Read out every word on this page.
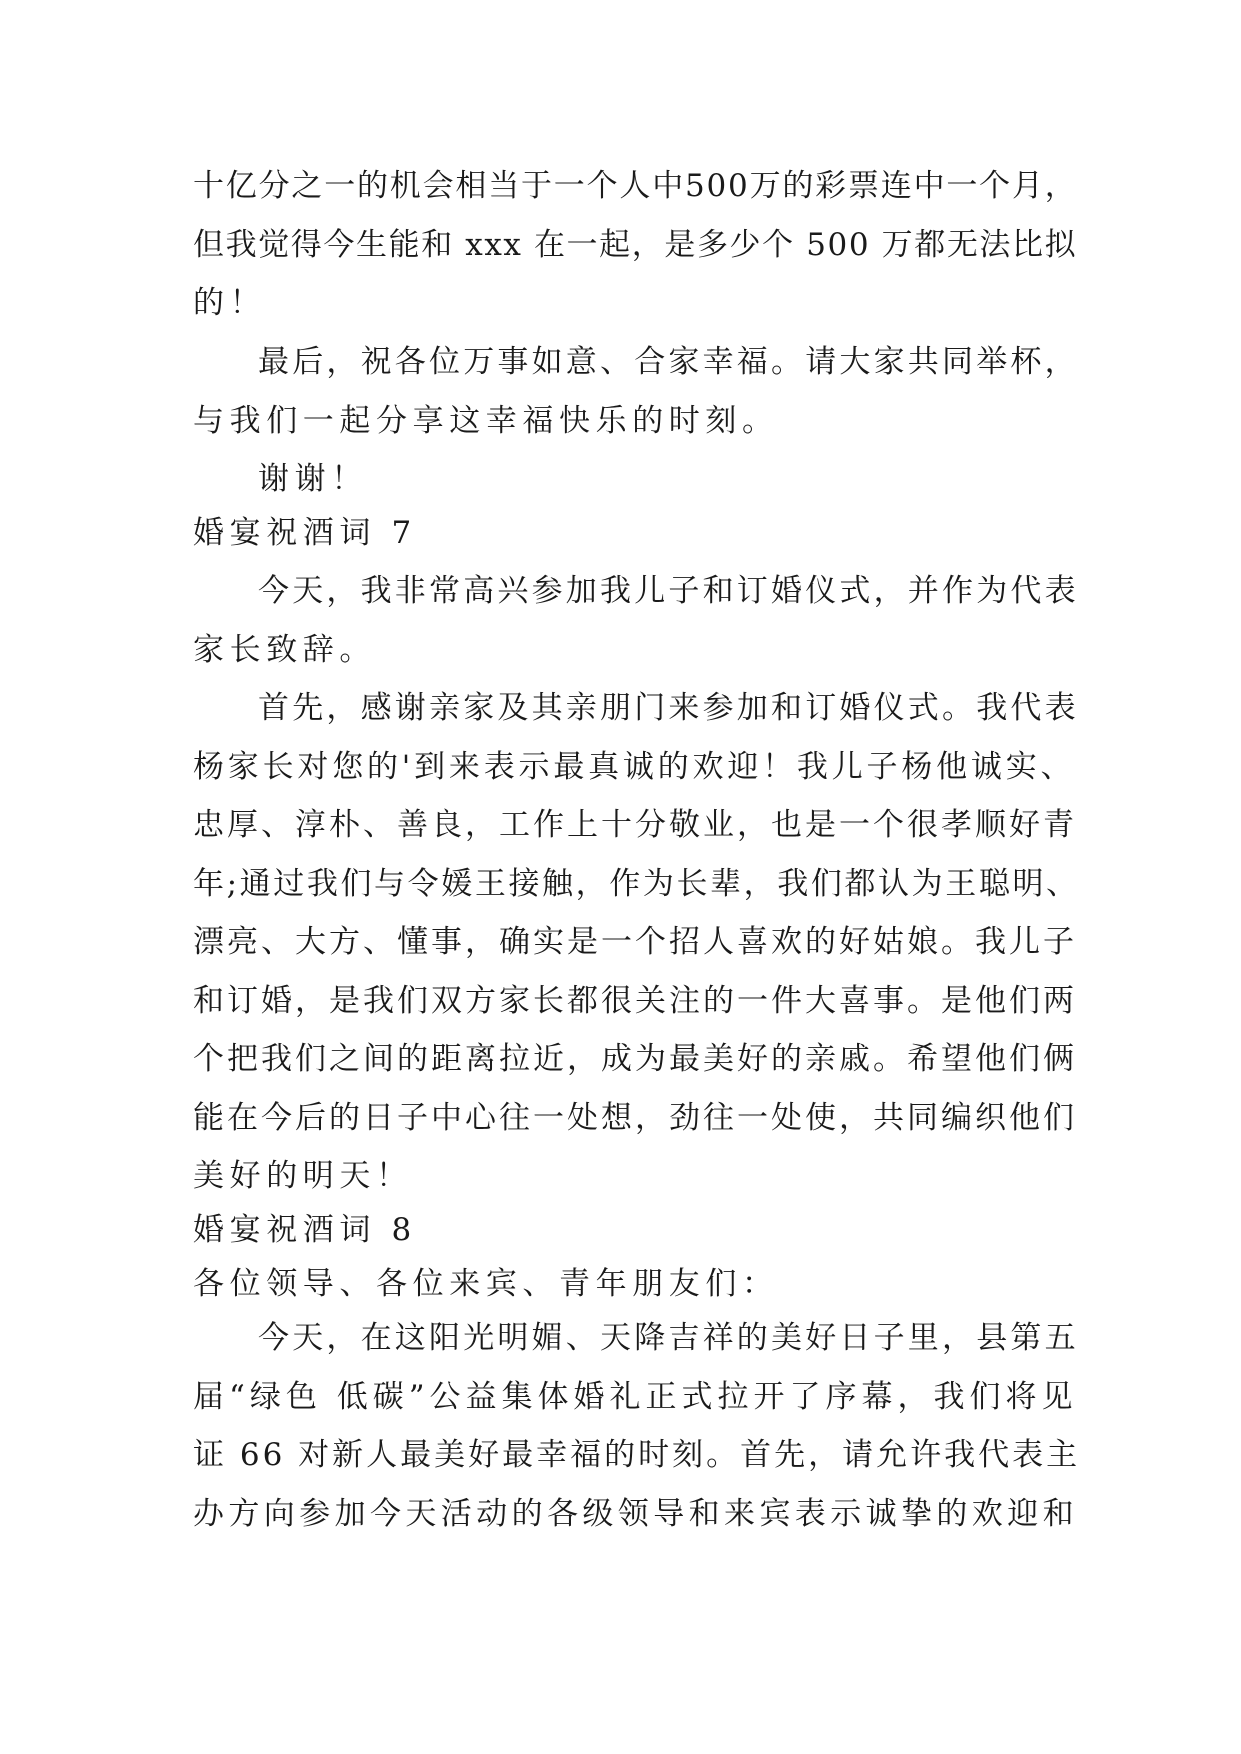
十亿分之一的机会相当于一个人中500万的彩票连中一个月，
但我觉得今生能和 xxx 在一起，是多少个 500 万都无法比拟
的！
最后，祝各位万事如意、合家幸福。请大家共同举杯，
与我们一起分享这幸福快乐的时刻。
谢谢！
婚宴祝酒词 7
今天，我非常高兴参加我儿子和订婚仪式，并作为代表
家长致辞。
首先，感谢亲家及其亲朋门来参加和订婚仪式。我代表
杨家长对您的'到来表示最真诚的欢迎！我儿子杨他诚实、
忠厚、淳朴、善良，工作上十分敬业，也是一个很孝顺好青
年;通过我们与令媛王接触，作为长辈，我们都认为王聪明、
漂亮、大方、懂事，确实是一个招人喜欢的好姑娘。我儿子
和订婚，是我们双方家长都很关注的一件大喜事。是他们两
个把我们之间的距离拉近，成为最美好的亲戚。希望他们俩
能在今后的日子中心往一处想，劲往一处使，共同编织他们
美好的明天！
婚宴祝酒词 8
各位领导、各位来宾、青年朋友们：
今天，在这阳光明媚、天降吉祥的美好日子里，县第五
届“绿色 低碳”公益集体婚礼正式拉开了序幕，我们将见
证 66 对新人最美好最幸福的时刻。首先，请允许我代表主
办方向参加今天活动的各级领导和来宾表示诚挚的欢迎和
